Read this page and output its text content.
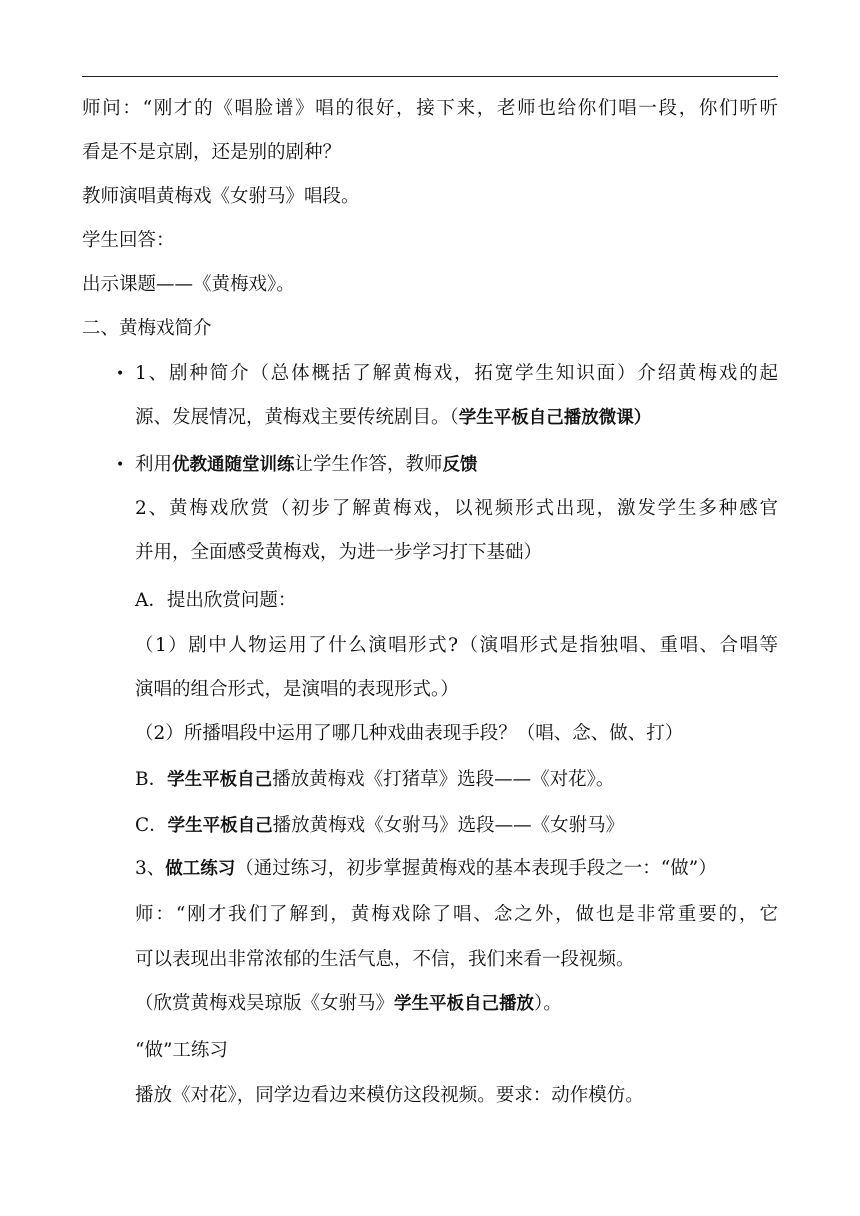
师问：“刚才的《唱脸谱》唱的很好，接下来，老师也给你们唱一段，你们听听
看是不是京剧，还是别的剧种？
教师演唱黄梅戏《女驸马》唱段。
学生回答：
出示课题——《黄梅戏》。
二、黄梅戏简介
• 1、剧种简介（总体概括了解黄梅戏，拓宽学生知识面）介绍黄梅戏的起
源、发展情况，黄梅戏主要传统剧目。（学生平板自己播放微课）
• 利用优教通随堂训练让学生作答，教师反馈
2、黄梅戏欣赏（初步了解黄梅戏，以视频形式出现，激发学生多种感官
并用，全面感受黄梅戏，为进一步学习打下基础）
A．提出欣赏问题：
（1）剧中人物运用了什么演唱形式?（演唱形式是指独唱、重唱、合唱等
演唱的组合形式，是演唱的表现形式。）
（2）所播唱段中运用了哪几种戏曲表现手段？（唱、念、做、打）
B．学生平板自己播放黄梅戏《打猪草》选段——《对花》。
C．学生平板自己播放黄梅戏《女驸马》选段——《女驸马》
3、做工练习（通过练习，初步掌握黄梅戏的基本表现手段之一：“做”）
师：“刚才我们了解到，黄梅戏除了唱、念之外，做也是非常重要的，它
可以表现出非常浓郁的生活气息，不信，我们来看一段视频。
（欣赏黄梅戏吴琼版《女驸马》学生平板自己播放）。
“做”工练习
播放《对花》，同学边看边来模仿这段视频。要求：动作模仿。
